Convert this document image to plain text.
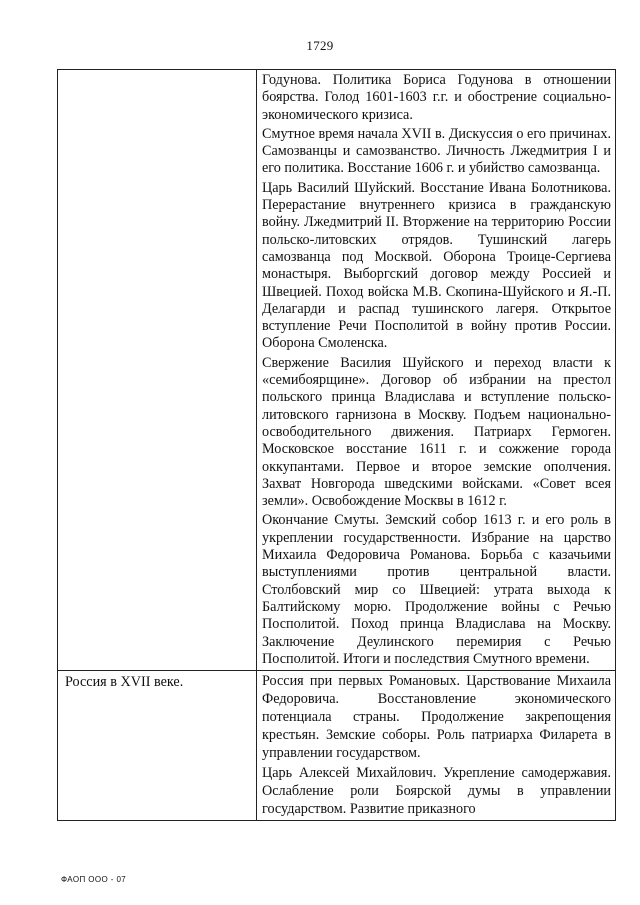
1729

	Годунова. Политика Бориса Годунова в отношении боярства. Голод 1601-1603 г.г. и обострение социально-экономического кризиса.

Смутное время начала XVII в. Дискуссия о его причинах. Самозванцы и самозванство. Личность Лжедмитрия I и его политика. Восстание 1606 г. и убийство самозванца.

Царь Василий Шуйский. Восстание Ивана Болотникова. Перерастание внутреннего кризиса в гражданскую войну. Лжедмитрий II. Вторжение на территорию России польско-литовских отрядов. Тушинский лагерь самозванца под Москвой. Оборона Троице-Сергиева монастыря. Выборгский договор между Россией и Швецией. Поход войска М.В. Скопина-Шуйского и Я.-П. Делагарди и распад тушинского лагеря. Открытое вступление Речи Посполитой в войну против России. Оборона Смоленска.

Свержение Василия Шуйского и переход власти к «семибоярщине». Договор об избрании на престол польского принца Владислава и вступление польско-литовского гарнизона в Москву. Подъем национально-освободительного движения. Патриарх Гермоген. Московское восстание 1611 г. и сожжение города оккупантами. Первое и второе земские ополчения. Захват Новгорода шведскими войсками. «Совет всея земли». Освобождение Москвы в 1612 г.

Окончание Смуты. Земский собор 1613 г. и его роль в укреплении государственности. Избрание на царство Михаила Федоровича Романова. Борьба с казачьими выступлениями против центральной власти. Столбовский мир со Швецией: утрата выхода к Балтийскому морю. Продолжение войны с Речью Посполитой. Поход принца Владислава на Москву. Заключение Деулинского перемирия с Речью Посполитой. Итоги и последствия Смутного времени.

Россия в XVII веке.	Россия при первых Романовых. Царствование Михаила Федоровича. Восстановление экономического потенциала страны. Продолжение закрепощения крестьян. Земские соборы. Роль патриарха Филарета в управлении государством.

Царь Алексей Михайлович. Укрепление самодержавия. Ослабление роли Боярской думы в управлении государством. Развитие приказного

ФАОП ООО - 07
